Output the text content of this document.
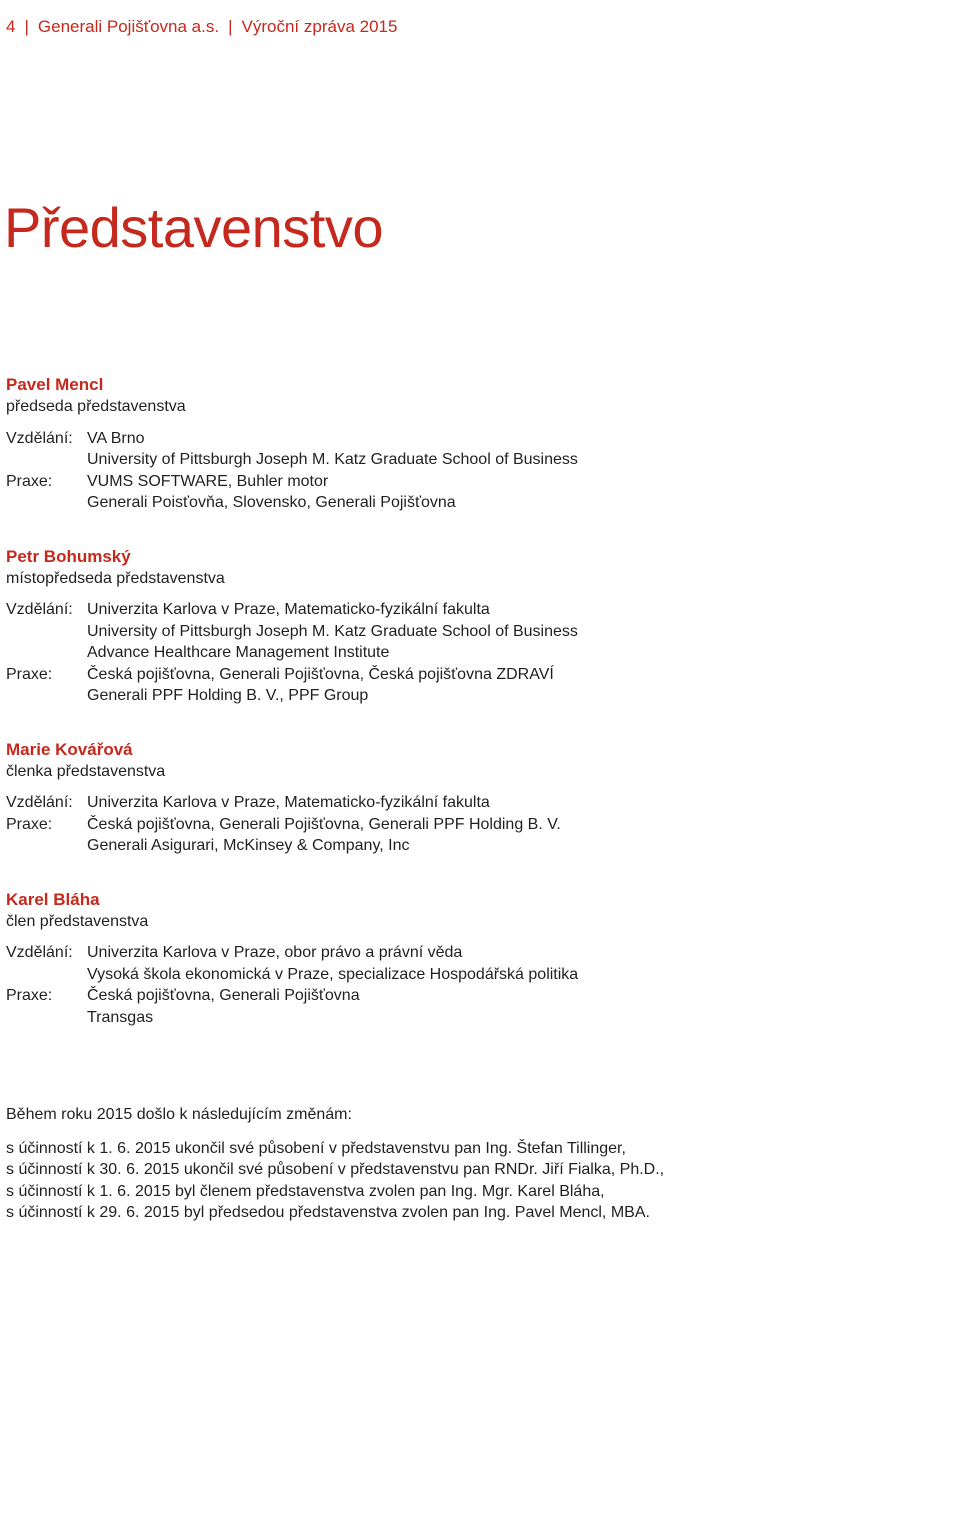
4 | Generali Pojišťovna a.s. | Výroční zpráva 2015
Představenstvo
Pavel Mencl
předseda představenstva
Vzdělání: VA Brno
University of Pittsburgh Joseph M. Katz Graduate School of Business
Praxe:	VUMS SOFTWARE, Buhler motor
Generali Poisťovňa, Slovensko, Generali Pojišťovna
Petr Bohumský
místopředseda představenstva
Vzdělání: Univerzita Karlova v Praze, Matematicko-fyzikální fakulta
University of Pittsburgh Joseph M. Katz Graduate School of Business
Advance Healthcare Management Institute
Praxe:	Česká pojišťovna, Generali Pojišťovna, Česká pojišťovna ZDRAVÍ
Generali PPF Holding B. V., PPF Group
Marie Kovářová
členka představenstva
Vzdělání: Univerzita Karlova v Praze, Matematicko-fyzikální fakulta
Praxe:	Česká pojišťovna, Generali Pojišťovna, Generali PPF Holding B. V.
Generali Asigurari, McKinsey & Company, Inc
Karel Bláha
člen představenstva
Vzdělání: Univerzita Karlova v Praze, obor právo a právní věda
Vysoká škola ekonomická v Praze, specializace Hospodářská politika
Praxe:	Česká pojišťovna, Generali Pojišťovna
Transgas
Během roku 2015 došlo k následujícím změnám:
s účinností k 1. 6. 2015 ukončil své působení v představenstvu pan Ing. Štefan Tillinger,
s účinností k 30. 6. 2015 ukončil své působení v představenstvu pan RNDr. Jiří Fialka, Ph.D.,
s účinností k 1. 6. 2015 byl členem představenstva zvolen pan Ing. Mgr. Karel Bláha,
s účinností k 29. 6. 2015 byl předsedou představenstva zvolen pan Ing. Pavel Mencl, MBA.
